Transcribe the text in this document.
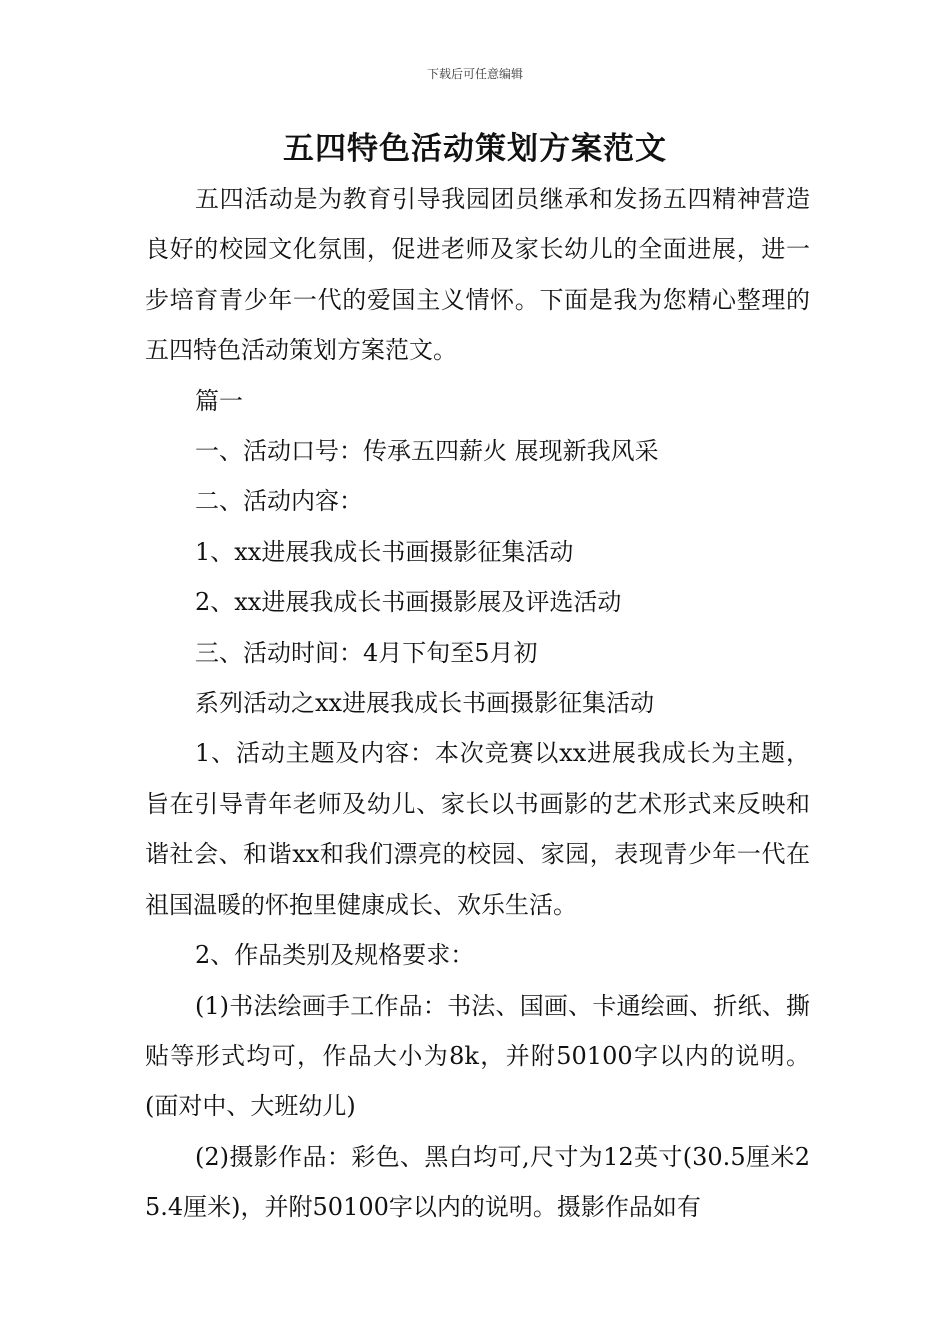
下载后可任意编辑
五四特色活动策划方案范文

五四活动是为教育引导我园团员继承和发扬五四精神营造良好的校园文化氛围，促进老师及家长幼儿的全面进展，进一步培育青少年一代的爱国主义情怀。下面是我为您精心整理的五四特色活动策划方案范文。

篇一

一、活动口号：传承五四薪火 展现新我风采

二、活动内容：

1、xx进展我成长书画摄影征集活动

2、xx进展我成长书画摄影展及评选活动

三、活动时间：4月下旬至5月初

系列活动之xx进展我成长书画摄影征集活动

1、活动主题及内容：本次竞赛以xx进展我成长为主题，旨在引导青年老师及幼儿、家长以书画影的艺术形式来反映和谐社会、和谐xx和我们漂亮的校园、家园，表现青少年一代在祖国温暖的怀抱里健康成长、欢乐生活。

2、作品类别及规格要求：

(1)书法绘画手工作品：书法、国画、卡通绘画、折纸、撕贴等形式均可，作品大小为8k，并附50100字以内的说明。(面对中、大班幼儿)

(2)摄影作品：彩色、黑白均可,尺寸为12英寸(30.5厘米25.4厘米)，并附50100字以内的说明。摄影作品如有
